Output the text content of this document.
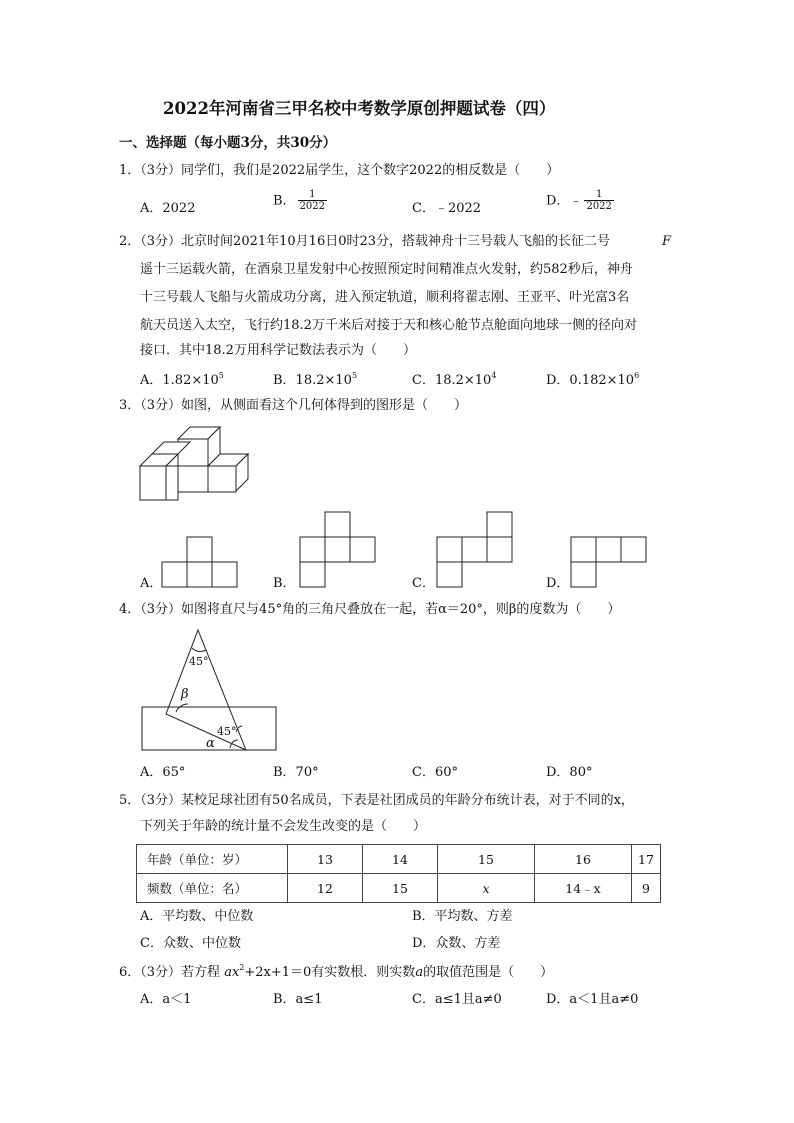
2022年河南省三甲名校中考数学原创押题试卷（四）
一、选择题（每小题3分，共30分）
1．（3分）同学们，我们是2022届学生，这个数字2022的相反数是（　　）
A．2022	B． $\frac{1}{2022}$	C．﹣2022	D．﹣ $\frac{1}{2022}$
2．（3分）北京时间2021年10月16日0时23分，搭载神舟十三号载人飞船的长征二号	F
遥十三运载火箭，在酒泉卫星发射中心按照预定时间精准点火发射，约582秒后，神舟
十三号载人飞船与火箭成功分离，进入预定轨道，顺利将翟志刚、王亚平、叶光富3名
航天员送入太空，飞行约18.2万千米后对接于天和核心舱节点舱面向地球一侧的径向对
接口．其中18.2万用科学记数法表示为（　　）
A．$1.82\times 10^5$	B．$18.2\times 10^5$	C．$18.2\times 10^4$	D．$0.182\times 10^6$
3．（3分）如图，从侧面看这个几何体得到的图形是（　　）
A．	B．	C．	D．
4．（3分）如图将直尺与45°角的三角尺叠放在一起，若α＝20°，则β的度数为（　　）
45°
β
45°
α
A．65°	B．70°	C．60°	D．80°
5．（3分）某校足球社团有50名成员，下表是社团成员的年龄分布统计表，对于不同的x，
下列关于年龄的统计量不会发生改变的是（　　）
年龄（单位：岁）	13	14	15	16	17
频数（单位：名）	12	15	x	14﹣x	9
A．平均数、中位数	B．平均数、方差
C．众数、中位数	D．众数、方差
6．（3分）若方程 $ax^2+2x+1=0$有实数根．则实数a的取值范围是（　　）
A．a＜1	B．a≤1	C．a≤1且a≠0	D．a＜1且a≠0
